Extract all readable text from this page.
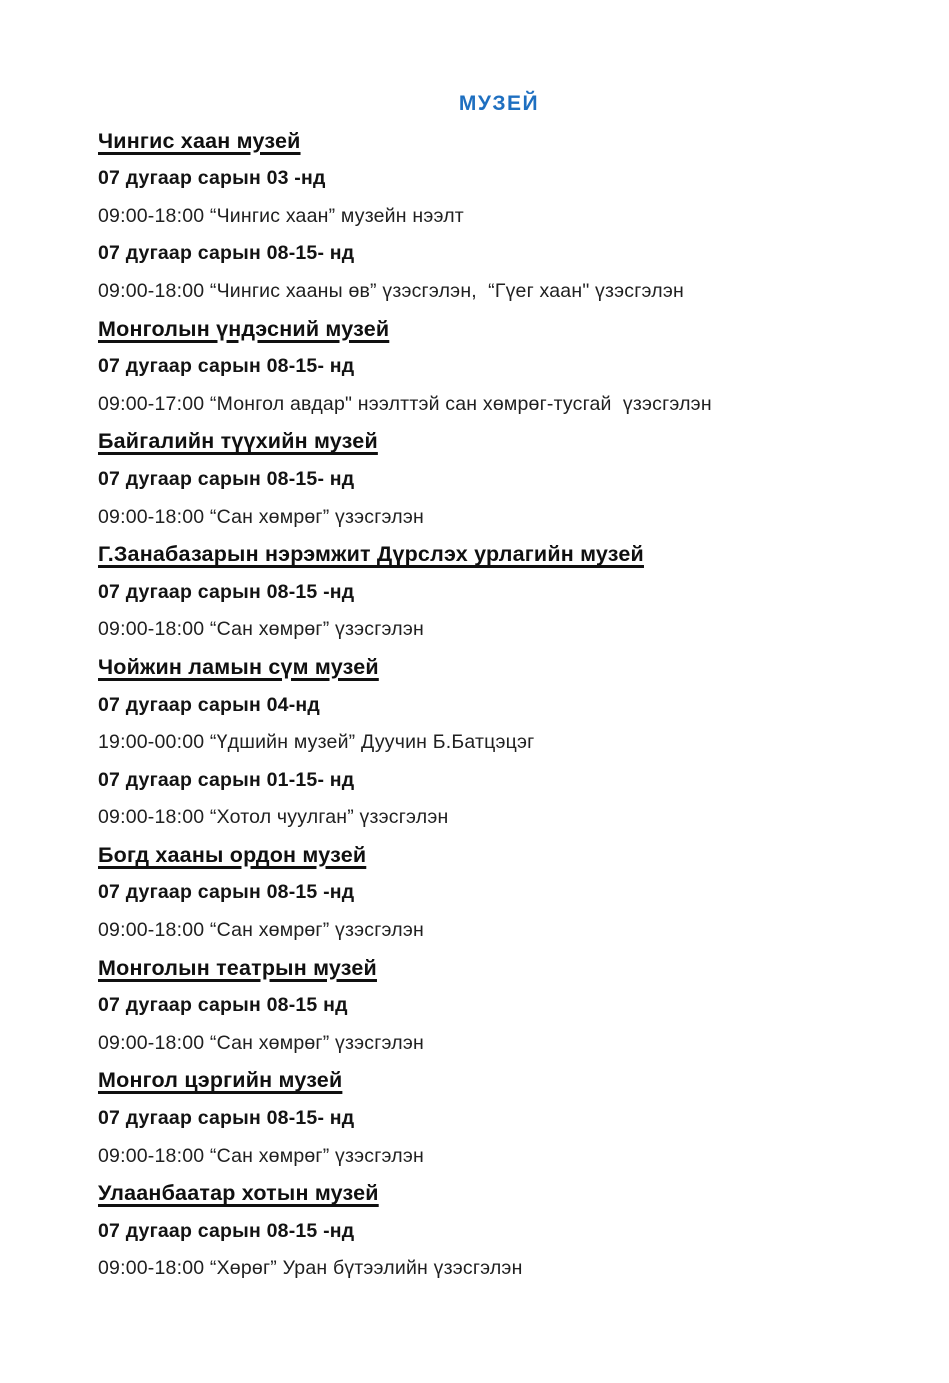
МУЗЕЙ
Чингис хаан музей

07 дугаар сарын 03 -нд

09:00-18:00 “Чингис хаан” музейн нээлт

07 дугаар сарын 08-15- нд

09:00-18:00 “Чингис хааны өв” үзэсгэлэн,  “Гүег хаан" үзэсгэлэн

Монголын үндэсний музей

07 дугаар сарын 08-15- нд

09:00-17:00 “Монгол авдар" нээлттэй сан хөмрөг-тусгай  үзэсгэлэн

Байгалийн түүхийн музей

07 дугаар сарын 08-15- нд

09:00-18:00 “Сан хөмрөг” үзэсгэлэн

Г.Занабазарын нэрэмжит Дүрслэх урлагийн музей

07 дугаар сарын 08-15 -нд

09:00-18:00 “Сан хөмрөг” үзэсгэлэн

Чойжин ламын сүм музей

07 дугаар сарын 04-нд

19:00-00:00 “Үдшийн музей” Дуучин Б.Батцэцэг

07 дугаар сарын 01-15- нд

09:00-18:00 “Хотол чуулган” үзэсгэлэн

Богд хааны ордон музей

07 дугаар сарын 08-15 -нд

09:00-18:00 “Сан хөмрөг” үзэсгэлэн

Монголын театрын музей

07 дугаар сарын 08-15 нд

09:00-18:00 “Сан хөмрөг” үзэсгэлэн

Монгол цэргийн музей

07 дугаар сарын 08-15- нд

09:00-18:00 “Сан хөмрөг” үзэсгэлэн

Улаанбаатар хотын музей

07 дугаар сарын 08-15 -нд

09:00-18:00 “Хөрөг” Уран бүтээлийн үзэсгэлэн
